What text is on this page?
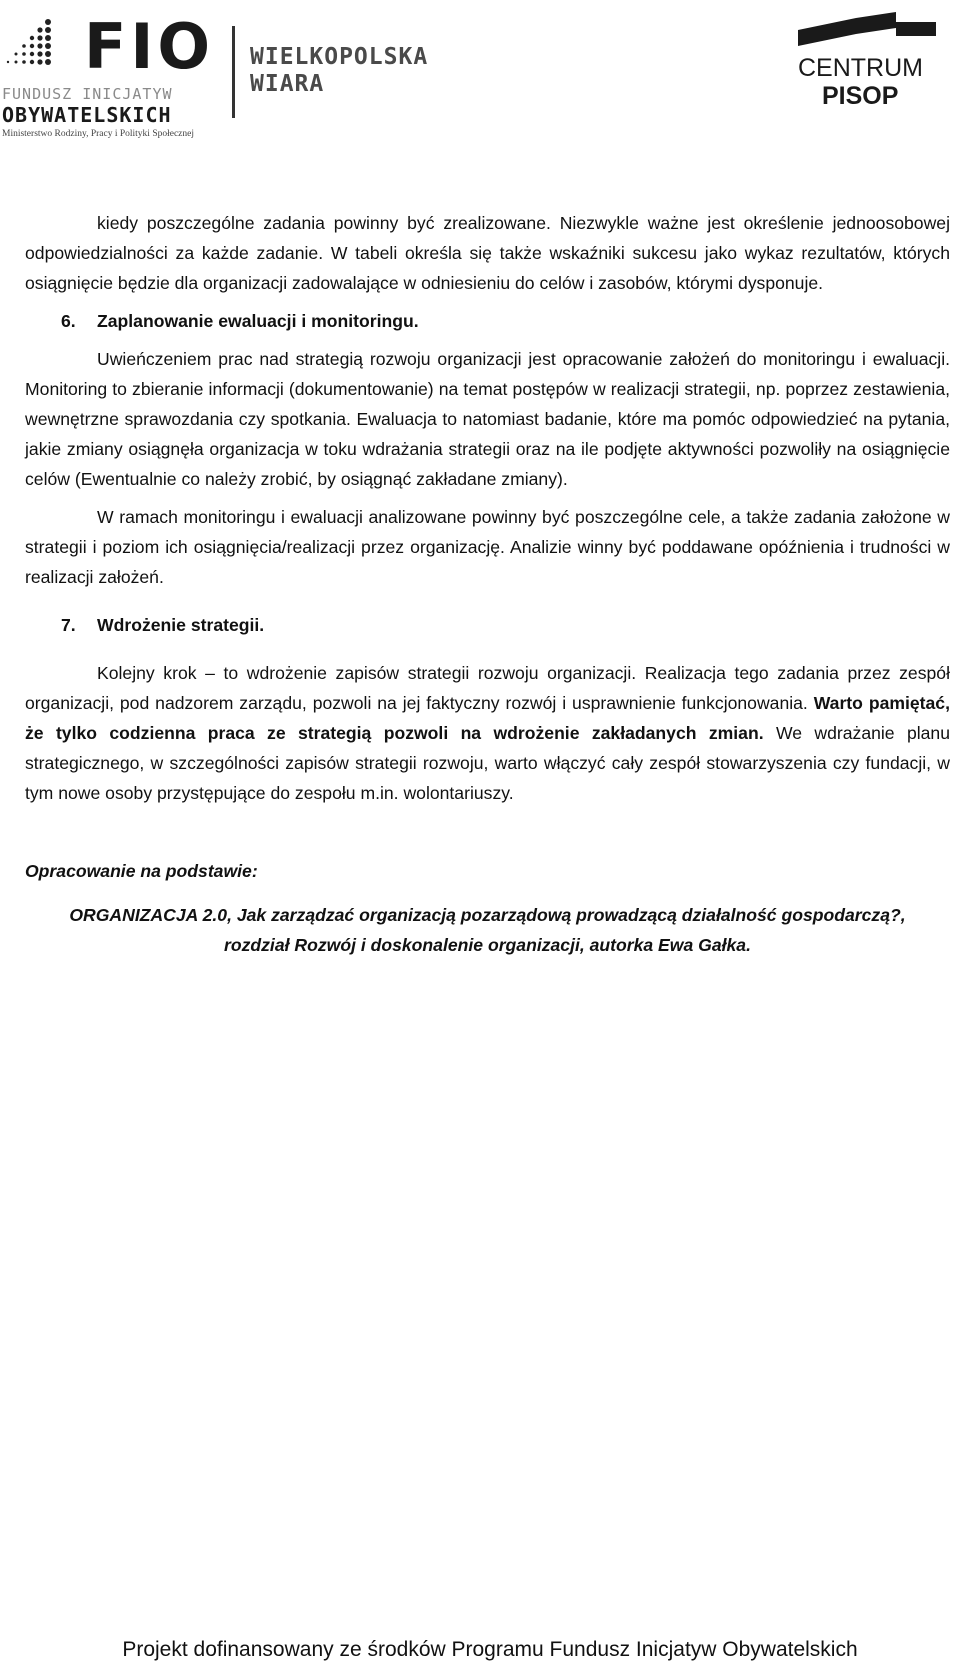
FIO
FUNDUSZ INICJATYW
OBYWATELSKICH
Ministerstwo Rodziny, Pracy i Polityki Społecznej
WIELKOPOLSKA
WIARA
CENTRUM
PISOP

kiedy poszczególne zadania powinny być zrealizowane. Niezwykle ważne jest określenie jednoosobowej odpowiedzialności za każde zadanie. W tabeli określa się także wskaźniki sukcesu jako wykaz rezultatów, których osiągnięcie będzie dla organizacji zadowalające w odniesieniu do celów i zasobów, którymi dysponuje.

6.	Zaplanowanie ewaluacji i monitoringu.

Uwieńczeniem prac nad strategią rozwoju organizacji jest opracowanie założeń do monitoringu i ewaluacji. Monitoring to zbieranie informacji (dokumentowanie) na temat postępów w realizacji strategii, np. poprzez zestawienia, wewnętrzne sprawozdania czy spotkania. Ewaluacja to natomiast badanie, które ma pomóc odpowiedzieć na pytania, jakie zmiany osiągnęła organizacja w toku wdrażania strategii oraz na ile podjęte aktywności pozwoliły na osiągnięcie celów (Ewentualnie co należy zrobić, by osiągnąć zakładane zmiany).

W ramach monitoringu i ewaluacji analizowane powinny być poszczególne cele, a także zadania założone w strategii i poziom ich osiągnięcia/realizacji przez organizację. Analizie winny być poddawane opóźnienia i trudności w realizacji założeń.

7.	Wdrożenie strategii.

Kolejny krok – to wdrożenie zapisów strategii rozwoju organizacji. Realizacja tego zadania przez zespół organizacji, pod nadzorem zarządu, pozwoli na jej faktyczny rozwój i usprawnienie funkcjonowania. Warto pamiętać, że tylko codzienna praca ze strategią pozwoli na wdrożenie zakładanych zmian. We wdrażanie planu strategicznego, w szczególności zapisów strategii rozwoju, warto włączyć cały zespół stowarzyszenia czy fundacji, w tym nowe osoby przystępujące do zespołu m.in. wolontariuszy.

Opracowanie na podstawie:

ORGANIZACJA 2.0, Jak zarządzać organizacją pozarządową prowadzącą działalność gospodarczą?,
rozdział Rozwój i doskonalenie organizacji, autorka Ewa Gałka.

Projekt dofinansowany ze środków Programu Fundusz Inicjatyw Obywatelskich
